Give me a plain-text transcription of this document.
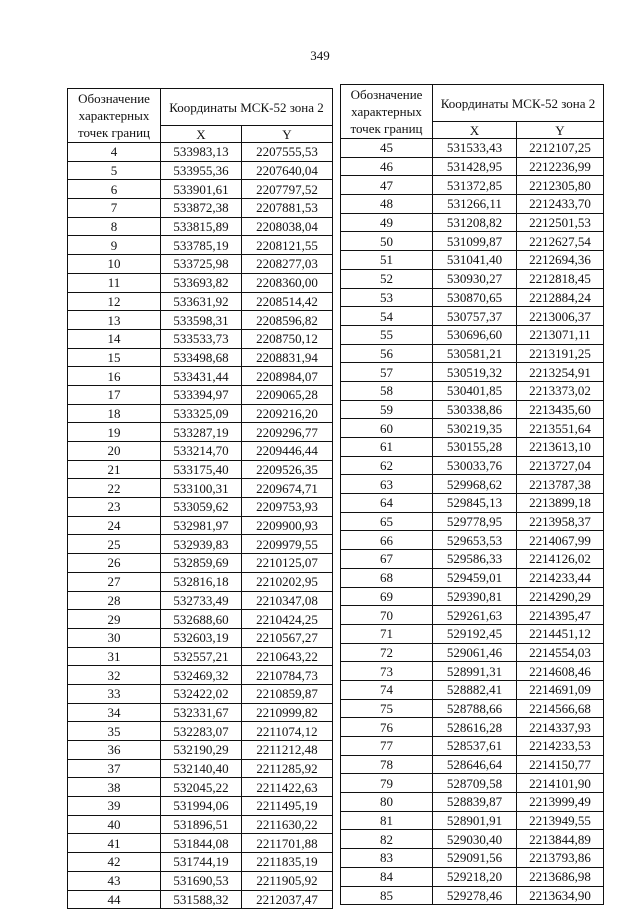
349
Обозначение характерных точек границ	Координаты МСК-52 зона 2	
	X	Y
4	533983,13	2207555,53
5	533955,36	2207640,04
6	533901,61	2207797,52
7	533872,38	2207881,53
8	533815,89	2208038,04
9	533785,19	2208121,55
10	533725,98	2208277,03
11	533693,82	2208360,00
12	533631,92	2208514,42
13	533598,31	2208596,82
14	533533,73	2208750,12
15	533498,68	2208831,94
16	533431,44	2208984,07
17	533394,97	2209065,28
18	533325,09	2209216,20
19	533287,19	2209296,77
20	533214,70	2209446,44
21	533175,40	2209526,35
22	533100,31	2209674,71
23	533059,62	2209753,93
24	532981,97	2209900,93
25	532939,83	2209979,55
26	532859,69	2210125,07
27	532816,18	2210202,95
28	532733,49	2210347,08
29	532688,60	2210424,25
30	532603,19	2210567,27
31	532557,21	2210643,22
32	532469,32	2210784,73
33	532422,02	2210859,87
34	532331,67	2210999,82
35	532283,07	2211074,12
36	532190,29	2211212,48
37	532140,40	2211285,92
38	532045,22	2211422,63
39	531994,06	2211495,19
40	531896,51	2211630,22
41	531844,08	2211701,88
42	531744,19	2211835,19
43	531690,53	2211905,92
44	531588,32	2212037,47
Обозначение характерных точек границ	Координаты МСК-52 зона 2	
	X	Y
45	531533,43	2212107,25
46	531428,95	2212236,99
47	531372,85	2212305,80
48	531266,11	2212433,70
49	531208,82	2212501,53
50	531099,87	2212627,54
51	531041,40	2212694,36
52	530930,27	2212818,45
53	530870,65	2212884,24
54	530757,37	2213006,37
55	530696,60	2213071,11
56	530581,21	2213191,25
57	530519,32	2213254,91
58	530401,85	2213373,02
59	530338,86	2213435,60
60	530219,35	2213551,64
61	530155,28	2213613,10
62	530033,76	2213727,04
63	529968,62	2213787,38
64	529845,13	2213899,18
65	529778,95	2213958,37
66	529653,53	2214067,99
67	529586,33	2214126,02
68	529459,01	2214233,44
69	529390,81	2214290,29
70	529261,63	2214395,47
71	529192,45	2214451,12
72	529061,46	2214554,03
73	528991,31	2214608,46
74	528882,41	2214691,09
75	528788,66	2214566,68
76	528616,28	2214337,93
77	528537,61	2214233,53
78	528646,64	2214150,77
79	528709,58	2214101,90
80	528839,87	2213999,49
81	528901,91	2213949,55
82	529030,40	2213844,89
83	529091,56	2213793,86
84	529218,20	2213686,98
85	529278,46	2213634,90
